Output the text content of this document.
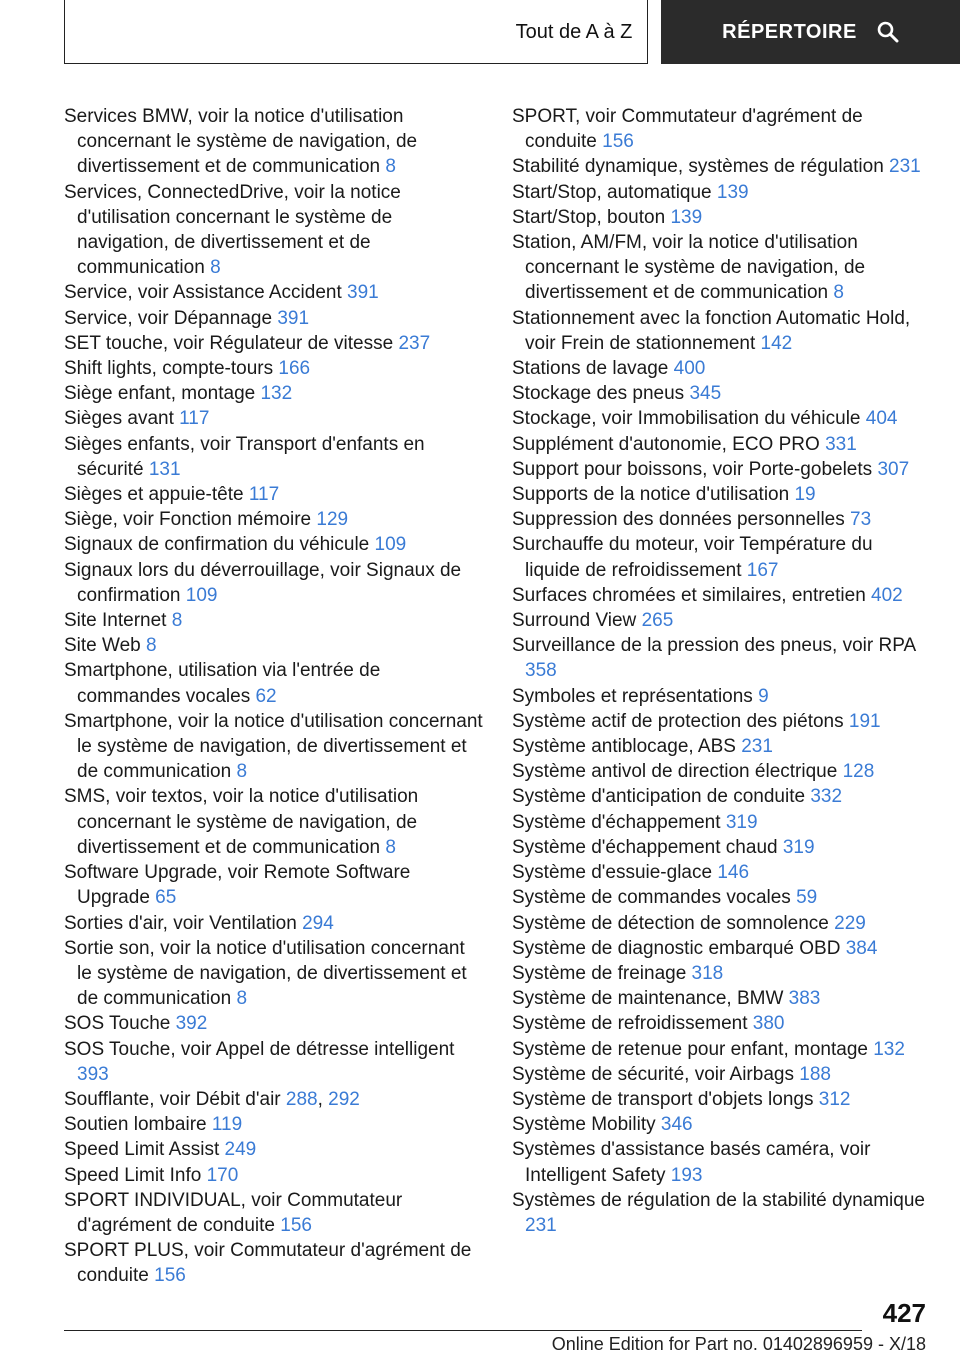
Tout de A à Z	RÉPERTOIRE
Services BMW, voir la notice d'utilisation concernant le système de navigation, de divertissement et de communication 8
Services, ConnectedDrive, voir la notice d'utilisation concernant le système de navigation, de divertissement et de communication 8
Service, voir Assistance Accident 391
Service, voir Dépannage 391
SET touche, voir Régulateur de vitesse 237
Shift lights, compte-tours 166
Siège enfant, montage 132
Sièges avant 117
Sièges enfants, voir Transport d'enfants en sécurité 131
Sièges et appuie-tête 117
Siège, voir Fonction mémoire 129
Signaux de confirmation du véhicule 109
Signaux lors du déverrouillage, voir Signaux de confirmation 109
Site Internet 8
Site Web 8
Smartphone, utilisation via l'entrée de commandes vocales 62
Smartphone, voir la notice d'utilisation concernant le système de navigation, de divertissement et de communication 8
SMS, voir textos, voir la notice d'utilisation concernant le système de navigation, de divertissement et de communication 8
Software Upgrade, voir Remote Software Upgrade 65
Sorties d'air, voir Ventilation 294
Sortie son, voir la notice d'utilisation concernant le système de navigation, de divertissement et de communication 8
SOS Touche 392
SOS Touche, voir Appel de détresse intelligent 393
Soufflante, voir Débit d'air 288, 292
Soutien lombaire 119
Speed Limit Assist 249
Speed Limit Info 170
SPORT INDIVIDUAL, voir Commutateur d'agrément de conduite 156
SPORT PLUS, voir Commutateur d'agrément de conduite 156
SPORT, voir Commutateur d'agrément de conduite 156
Stabilité dynamique, systèmes de régulation 231
Start/Stop, automatique 139
Start/Stop, bouton 139
Station, AM/FM, voir la notice d'utilisation concernant le système de navigation, de divertissement et de communication 8
Stationnement avec la fonction Automatic Hold, voir Frein de stationnement 142
Stations de lavage 400
Stockage des pneus 345
Stockage, voir Immobilisation du véhicule 404
Supplément d'autonomie, ECO PRO 331
Support pour boissons, voir Porte-gobelets 307
Supports de la notice d'utilisation 19
Suppression des données personnelles 73
Surchauffe du moteur, voir Température du liquide de refroidissement 167
Surfaces chromées et similaires, entretien 402
Surround View 265
Surveillance de la pression des pneus, voir RPA 358
Symboles et représentations 9
Système actif de protection des piétons 191
Système antiblocage, ABS 231
Système antivol de direction électrique 128
Système d'anticipation de conduite 332
Système d'échappement 319
Système d'échappement chaud 319
Système d'essuie-glace 146
Système de commandes vocales 59
Système de détection de somnolence 229
Système de diagnostic embarqué OBD 384
Système de freinage 318
Système de maintenance, BMW 383
Système de refroidissement 380
Système de retenue pour enfant, montage 132
Système de sécurité, voir Airbags 188
Système de transport d'objets longs 312
Système Mobility 346
Systèmes d'assistance basés caméra, voir Intelligent Safety 193
Systèmes de régulation de la stabilité dynamique 231
427
Online Edition for Part no. 01402896959 - X/18
